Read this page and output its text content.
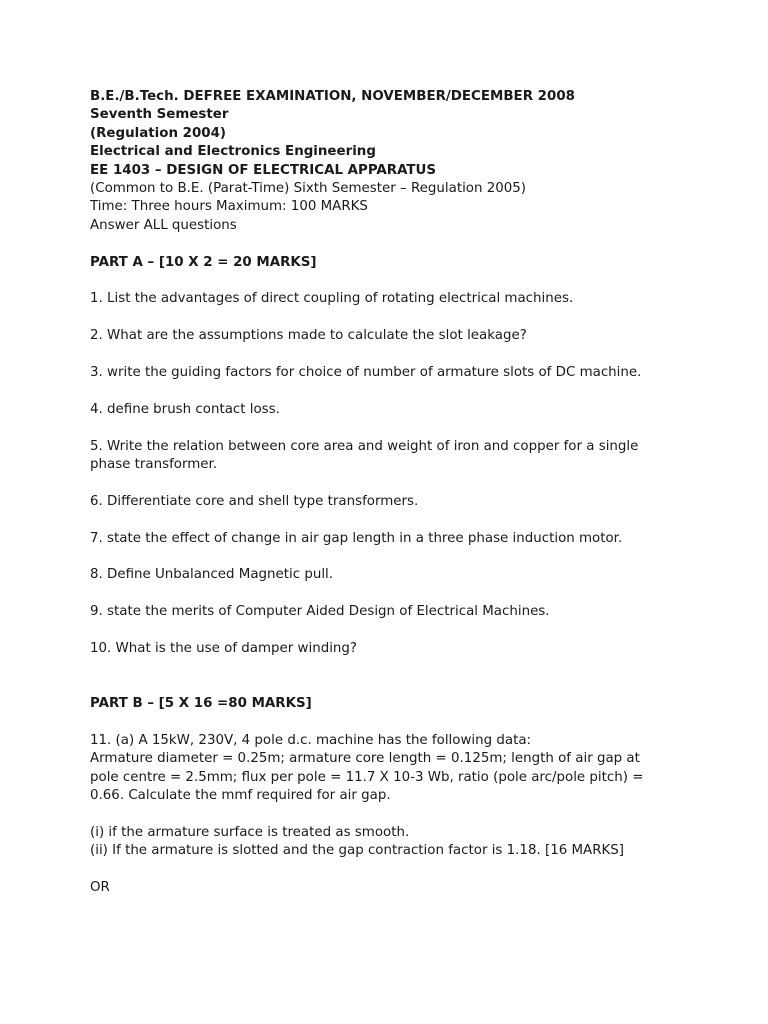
B.E./B.Tech. DEFREE EXAMINATION, NOVEMBER/DECEMBER 2008
Seventh Semester
(Regulation 2004)
Electrical and Electronics Engineering
EE 1403 – DESIGN OF ELECTRICAL APPARATUS
(Common to B.E. (Parat-Time) Sixth Semester – Regulation 2005)
Time: Three hours Maximum: 100 MARKS
Answer ALL questions
PART A – [10 X 2 = 20 MARKS]
1. List the advantages of direct coupling of rotating electrical machines.
2. What are the assumptions made to calculate the slot leakage?
3. write the guiding factors for choice of number of armature slots of DC machine.
4. define brush contact loss.
5. Write the relation between core area and weight of iron and copper for a single
phase transformer.
6. Differentiate core and shell type transformers.
7. state the effect of change in air gap length in a three phase induction motor.
8. Define Unbalanced Magnetic pull.
9. state the merits of Computer Aided Design of Electrical Machines.
10. What is the use of damper winding?
PART B – [5 X 16 =80 MARKS]
11. (a) A 15kW, 230V, 4 pole d.c. machine has the following data:
Armature diameter = 0.25m; armature core length = 0.125m; length of air gap at
pole centre = 2.5mm; flux per pole = 11.7 X 10-3 Wb, ratio (pole arc/pole pitch) =
0.66. Calculate the mmf required for air gap.
(i) if the armature surface is treated as smooth.
(ii) If the armature is slotted and the gap contraction factor is 1.18. [16 MARKS]
OR
